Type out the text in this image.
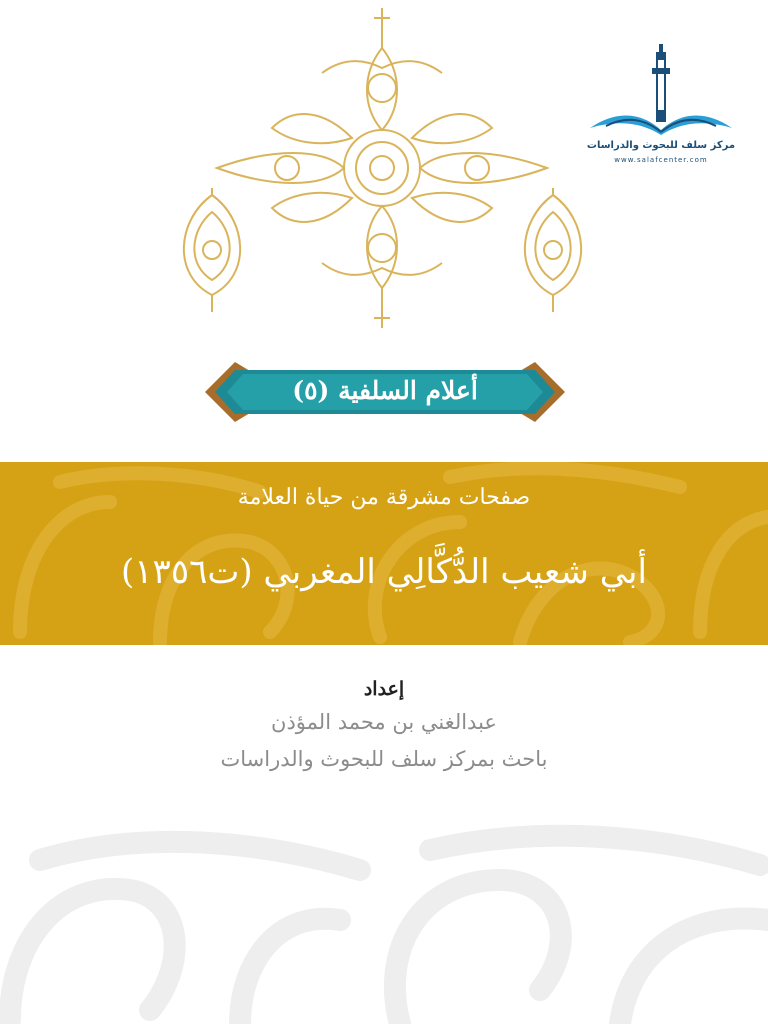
مركز سلف للبحوث والدراسات
www.salafcenter.com
أعلام السلفية (٥)
صفحات مشرقة من حياة العلامة
أبي شعيب الدُّكَّالِي المغربي (ت١٣٥٦)
إعداد
عبدالغني بن محمد المؤذن
باحث بمركز سلف للبحوث والدراسات
